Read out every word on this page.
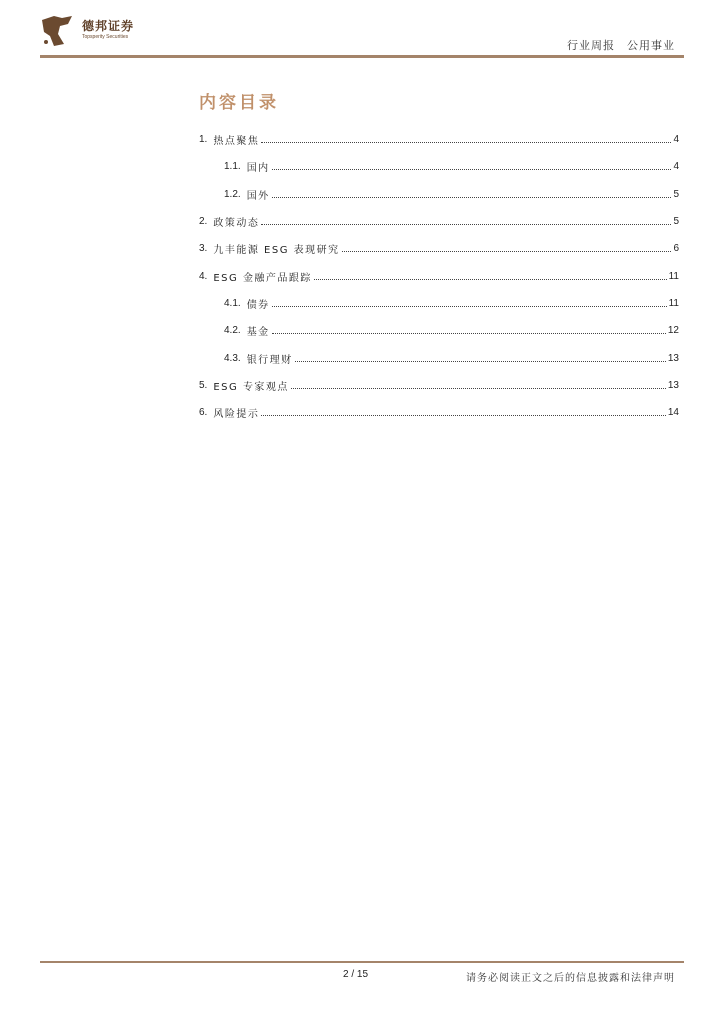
德邦证券
Topsperity Securities
行业周报 公用事业
内容目录
1. 热点聚焦	4
1.1. 国内	4
1.2. 国外	5
2. 政策动态	5
3. 九丰能源 ESG 表现研究	6
4. ESG 金融产品跟踪	11
4.1. 债券	11
4.2. 基金	12
4.3. 银行理财	13
5. ESG 专家观点	13
6. 风险提示	14
2 / 15	请务必阅读正文之后的信息披露和法律声明
